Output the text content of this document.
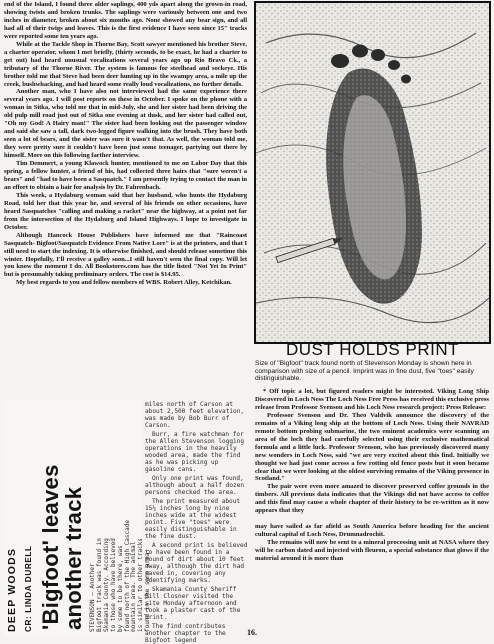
end of the Island, I found three alder saplings, 400 yds apart along the grown-in road, showing twists and broken trunks. The saplings were variously between one and two inches in diameter, broken about six months ago. None showed any bear sign, and all had all of their twigs and leaves. This is the first evidence I have seen since 15" tracks were reported some ten years ago.

While at the Tackle Shop in Thorne Bay, Scott sawyer mentioned his brother Steve, a charter operator, whom I met briefly, (thirty seconds, to be exact, he had a charter to get out) had heard unusual vocalizations several years ago up Rio Bravo Ck., a tributary of the Thorne River. The system is famous for steelhead and sockeye. His brother told me that Steve had been deer hunting up in the swampy area, a mile up the creek, bushwhacking, and had heard some really loud vocalizations, no further details.

Another man, who I have also not interviewed had the same experience there several years ago. I will post reports on these in October. I spoke on the phone with a woman in Sitka, who told me that in mid-July, she and her sister had been driving the old pulp mill road just out of Sitka one evening at dusk, and her sister had called out, "Oh my God! A Hairy man!" The sister had been looking out the passenger window and said she saw a tall, dark two-legged figure walking into the brush. They have both seen a lot of bears, and the sister was sure it wasn't that. As well, the woman told me, they were pretty sure it couldn't have been just some teenager, partying out there by himself. More on this following farther interview.

Tim Demmert, a young Klawock hunter, mentioned to me on Labor Day that this spring, a fellow hunter, a friend of his, had collected three hairs that "sure weren't a bears" and "had to have been a Sasquatch." I am presently trying to contact the man in an effort to obtain a hair for analysis by Dr. Fahrenbach.

This week, a Hydaburg woman said that her husband, who hunts the Hydaburg Road, told her that this year he, and several of his friends on other occasions, have heard Sasquatches "calling and making a racket" near the highway, at a point not far from the intersection of the Hydaburg and Island Highways. I hope to investigate in October.

Although Hancock House Publishers have informed me that "Raincoast Sasquatch- Bigfoot/Sasquatch Evidence From Native Lore" is at the printers, and that I still need to start the indexing. It is otherwise finished, and should release sometime this winter. Hopefully, I'll receive a galley soon...I still haven't seen the final copy. Will let you know the moment I do. All Bookstores.com has the title listed "Not Yet In Print" but is presumably taking preliminary orders. The cost is $14.95.

My best regards to you and fellow members of WBS. Robert Alley, Ketchikan.

DEEP WOODS CR: LINDA DURELL 'Bigfoot' leaves another track STEVENSON — Another
Bigfoot track was found in
Skamania County. According
to those who have believed
by some to be there, was
found north of the High Cascade
mountain area. The animal
is similar to other tracks
found in the same area.

miles north of Carson at about 2,500 feet elevation, was made by Bob Burr of Carson.

Burr, a fire watchman for the Allen Stevenson logging operations in the heavily wooded area, made the find as he was picking up gasoline cans.

Only one print was found, although about a half dozen persons checked the area.

The print measured about 15½ inches long by nine inches wide at the widest point. Five "toes" were easily distinguishable in the fine dust.

A second print is believed to have been found in a mound of dirt about 10 feet away, although the dirt had caved in, covering any identifying marks.

Skamania County Sheriff Bill Closner visited the site Monday afternoon and took a plaster cast of the print.

The find contributes another chapter to the Bigfoot legend

DUST HOLDS PRINT
Size of "Bigfoot" track found north of Stevenson Monday is shown here in comparison with size of a pencil. Imprint was in fine dust, five "toes" easily distinguishable.

* Off topic a lot, but figured readers might be interested. Viking Long Ship Discovered in Loch Ness The Loch Ness Free Press has received this exclusive press release from Professor Svenson and his Loch Ness research project: Press Release:

Professor Svenson and Dr. Theo Valdvik announce the discovery of the remains of a Viking long ship at the bottom of Loch Ness. Using their NAVRAD remote bottom probing submarine, the two eminent academics were scanning an area of the loch they had carefully selected using their exclusive mathematical formula and a little luck. Professor Svenson, who has previously discovered many new wonders in Loch Ness, said "we are very excited about this find. Initially we thought we had just come across a few rotting old fence posts but it soon became clear that we were looking at the oldest surviving remains of the Viking presence in Scotland."

The pair were even more amazed to discover preserved coffee grounds in the timbers. All previous data indicates that the Vikings did not have access to coffee and this find may cause a whole chapter of their history to be re-written as it now appears that they

may have sailed as far afield as South America before heading for the ancient cultural capital of Loch Ness, Drumnadrochit.

The remains will now be sent to a mineral processing unit at NASA where they will be carbon dated and injected with fleuron, a special substance that glows if the material around it is more than

16.
